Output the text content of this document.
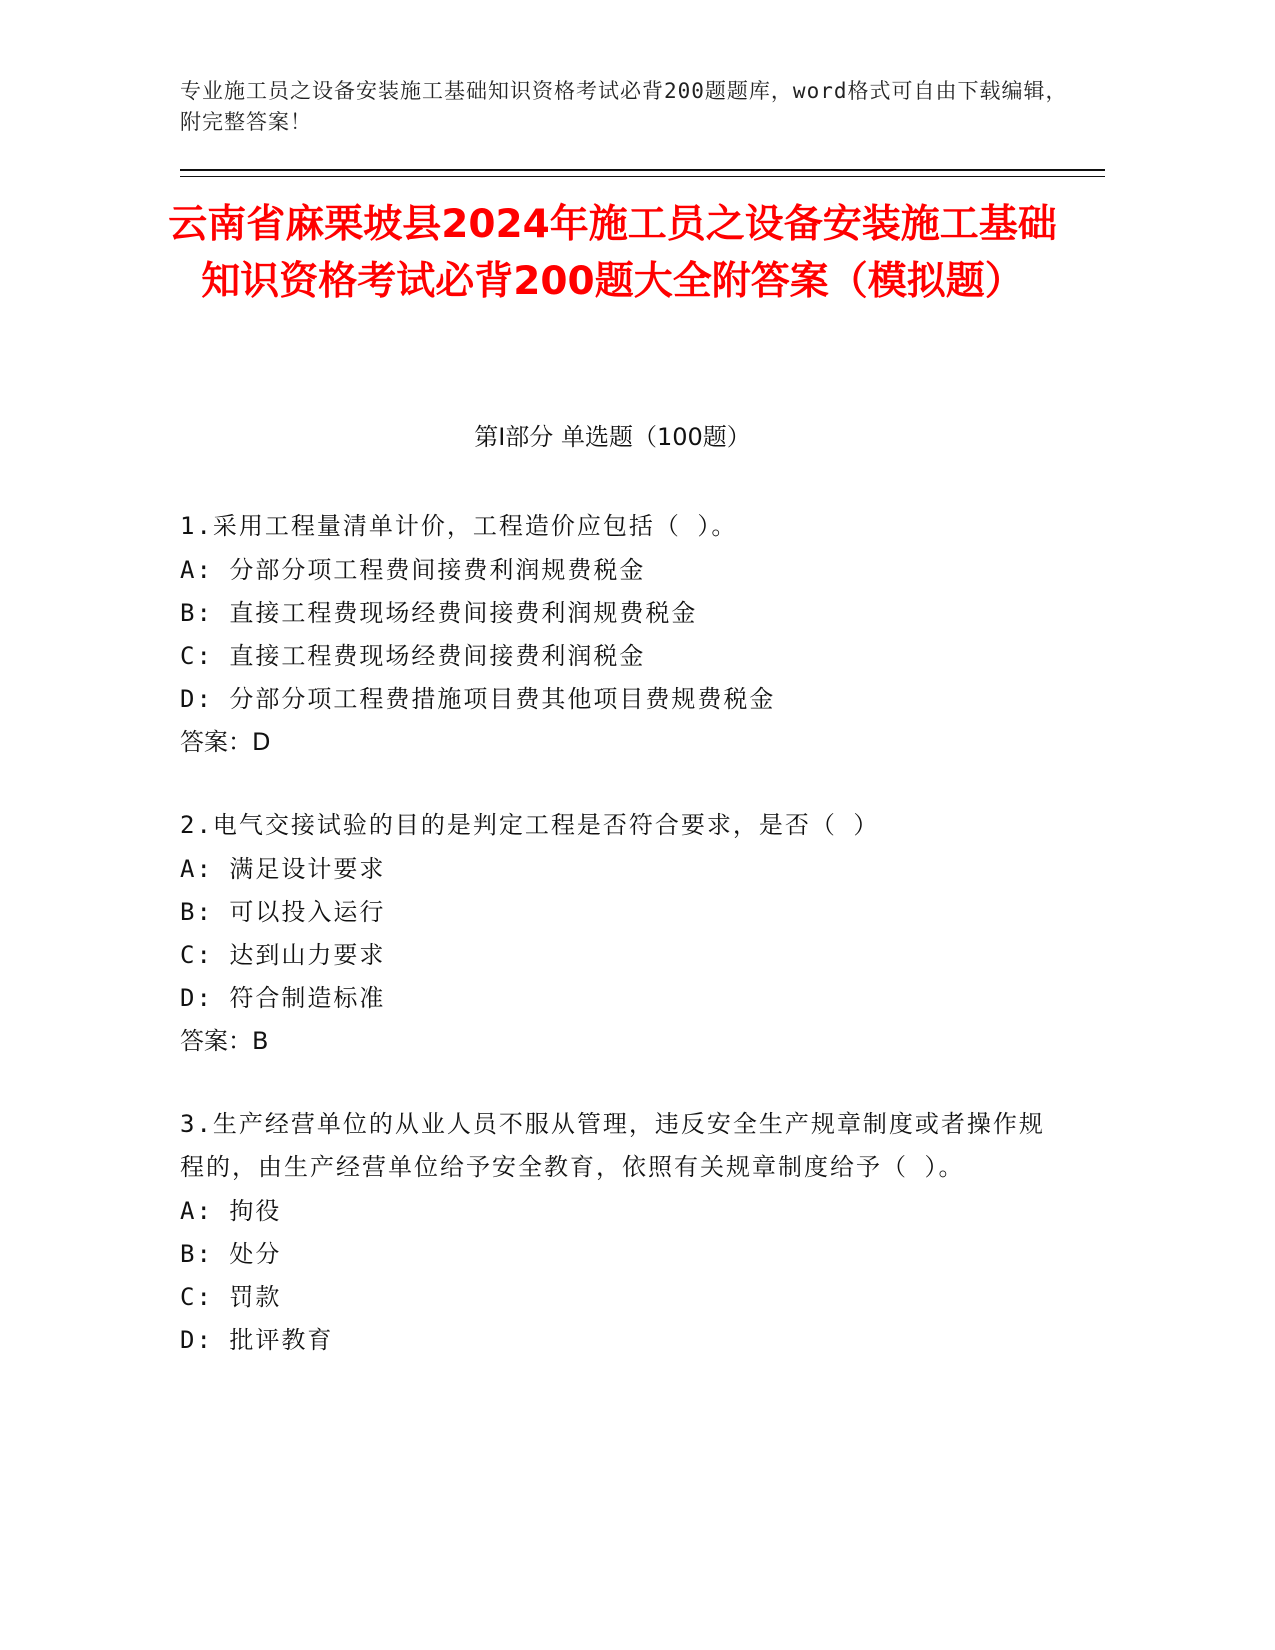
专业施工员之设备安装施工基础知识资格考试必背200题题库，word格式可自由下载编辑，附完整答案！
云南省麻栗坡县2024年施工员之设备安装施工基础知识资格考试必背200题大全附答案（模拟题）
第Ⅰ部分 单选题（100题）
1.采用工程量清单计价，工程造价应包括（ ）。
A: 分部分项工程费间接费利润规费税金
B: 直接工程费现场经费间接费利润规费税金
C: 直接工程费现场经费间接费利润税金
D: 分部分项工程费措施项目费其他项目费规费税金
答案：D
2.电气交接试验的目的是判定工程是否符合要求，是否（ ）
A: 满足设计要求
B: 可以投入运行
C: 达到山力要求
D: 符合制造标准
答案：B
3.生产经营单位的从业人员不服从管理，违反安全生产规章制度或者操作规程的，由生产经营单位给予安全教育，依照有关规章制度给予（ ）。
A: 拘役
B: 处分
C: 罚款
D: 批评教育
